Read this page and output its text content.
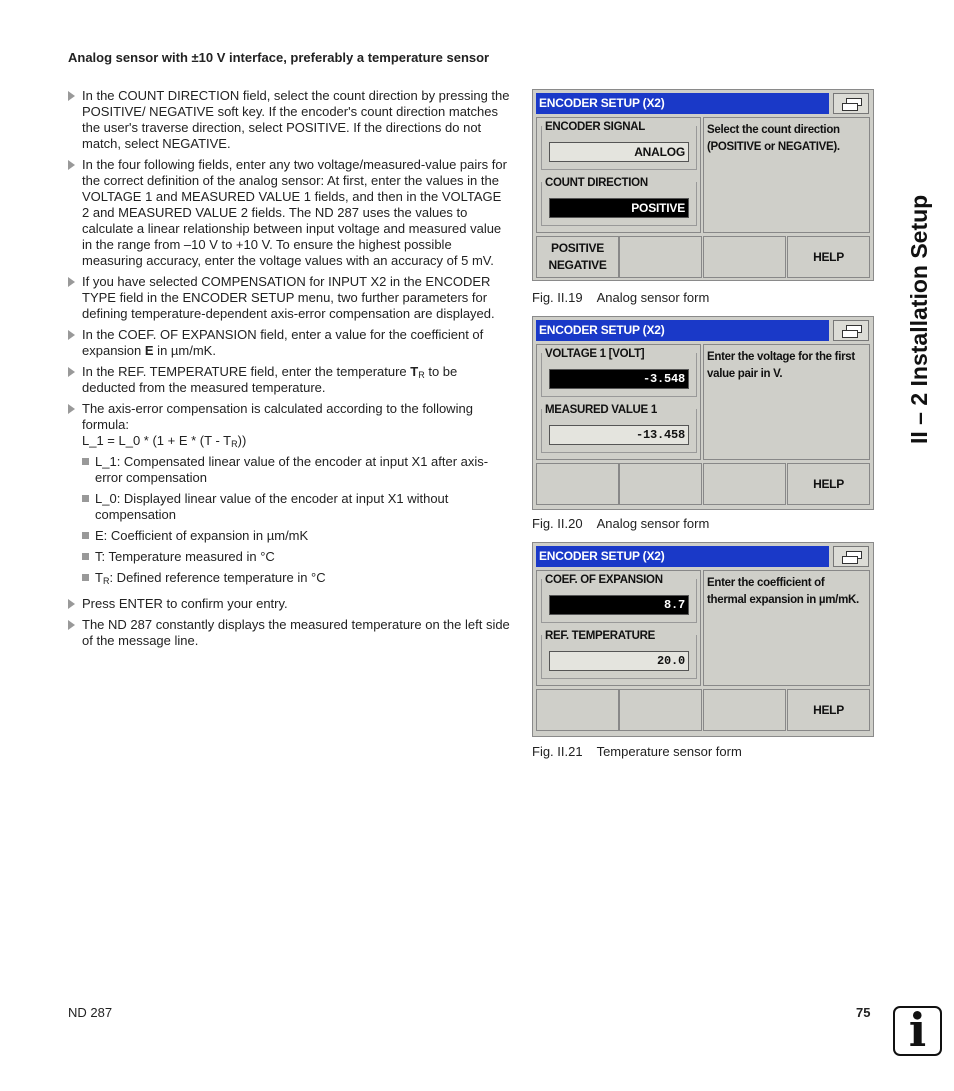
Analog sensor with ±10 V interface, preferably a temperature sensor
In the COUNT DIRECTION field, select the count direction by pressing the POSITIVE/ NEGATIVE soft key. If the encoder's count direction matches the user's traverse direction, select POSITIVE. If the directions do not match, select NEGATIVE.
In the four following fields, enter any two voltage/measured-value pairs for the correct definition of the analog sensor: At first, enter the values in the VOLTAGE 1 and MEASURED VALUE 1 fields, and then in the VOLTAGE 2 and MEASURED VALUE 2 fields. The ND 287 uses the values to calculate a linear relationship between input voltage and measured value in the range from –10 V to +10 V. To ensure the highest possible measuring accuracy, enter the voltage values with an accuracy of 5 mV.
If you have selected COMPENSATION for INPUT X2 in the ENCODER TYPE field in the ENCODER SETUP menu, two further parameters for defining temperature-dependent axis-error compensation are displayed.
In the COEF. OF EXPANSION field, enter a value for the coefficient of expansion E in µm/mK.
In the REF. TEMPERATURE field, enter the temperature $T_R$ to be deducted from the measured temperature.
The axis-error compensation is calculated according to the following formula:
L_1 = L_0 * $(1 + E * (T - T_R))$
L_1: Compensated linear value of the encoder at input X1 after axis-error compensation
L_0: Displayed linear value of the encoder at input X1 without compensation
E: Coefficient of expansion in µm/mK
T: Temperature measured in °C
$T_R$: Defined reference temperature in °C
Press ENTER to confirm your entry.
The ND 287 constantly displays the measured temperature on the left side of the message line.
ENCODER SETUP (X2)
ENCODER SIGNAL
ANALOG
COUNT DIRECTION
POSITIVE
Select the count direction (POSITIVE or NEGATIVE).
POSITIVE
NEGATIVE
HELP
Fig. II.19 Analog sensor form
ENCODER SETUP (X2)
VOLTAGE 1 [VOLT]
-3.548
MEASURED VALUE 1
-13.458
Enter the voltage for the first value pair in V.
HELP
Fig. II.20 Analog sensor form
ENCODER SETUP (X2)
COEF. OF EXPANSION
8.7
REF. TEMPERATURE
20.0
Enter the coefficient of thermal expansion in µm/mK.
HELP
Fig. II.21 Temperature sensor form
II – 2 Installation Setup
ND 287	75 i
